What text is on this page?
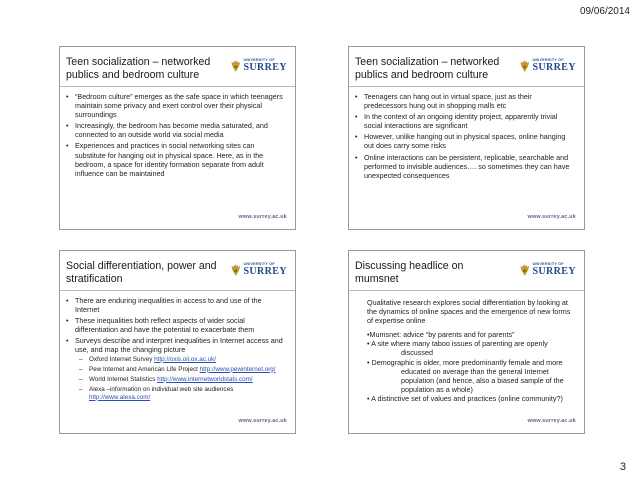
09/06/2014
Teen socialization – networked publics and bedroom culture
UNIVERSITY OF
SURREY
• “Bedroom culture” emerges as the safe space in which teenagers maintain some privacy and exert control over their physical surroundings
• Increasingly, the bedroom has become media saturated, and connected to an outside world via social media
• Experiences and practices in social networking sites can substitute for hanging out in physical space. Here, as in the bedroom, a space for identity formation separate from adult influence can be maintained
www.surrey.ac.uk
Teen socialization – networked publics and bedroom culture
UNIVERSITY OF
SURREY
• Teenagers can hang out in virtual space, just as their predecessors hung out in shopping malls etc
• In the context of an ongoing identity project, apparently trivial social interactions are significant
• However, unlike hanging out in physical spaces, online hanging out does carry some risks
• Online interactions can be persistent, replicable, searchable and performed to invisible audiences…. so sometimes they can have unexpected consequences
www.surrey.ac.uk
Social differentiation, power and stratification
UNIVERSITY OF
SURREY
• There are enduring inequalities in access to and use of the Internet
• These inequalities both reflect aspects of wider social differentiation and have the potential to exacerbate them
• Surveys describe and interpret inequalities in Internet access and use, and map the changing picture
– Oxford Internet Survey http://oxis.oii.ox.ac.uk/
– Pew Internet and American Life Project http://www.pewinternet.org/
– World Internet Statistics http://www.internetworldstats.com/
– Alexa –information on individual web site audiences http://www.alexa.com/
www.surrey.ac.uk
Discussing headlice on mumsnet
UNIVERSITY OF
SURREY

Qualitative research explores social differentiation by looking at the dynamics of online spaces and the emergence of new forms of expertise online

•Mumsnet: advice “by parents and for parents”
• A site where many taboo issues of parenting are openly discussed
• Demographic is older, more predominantly female and more educated on average than the general Internet population (and hence, also a biased sample of the population as a whole)
• A distinctive set of values and practices (online community?)
www.surrey.ac.uk
3
